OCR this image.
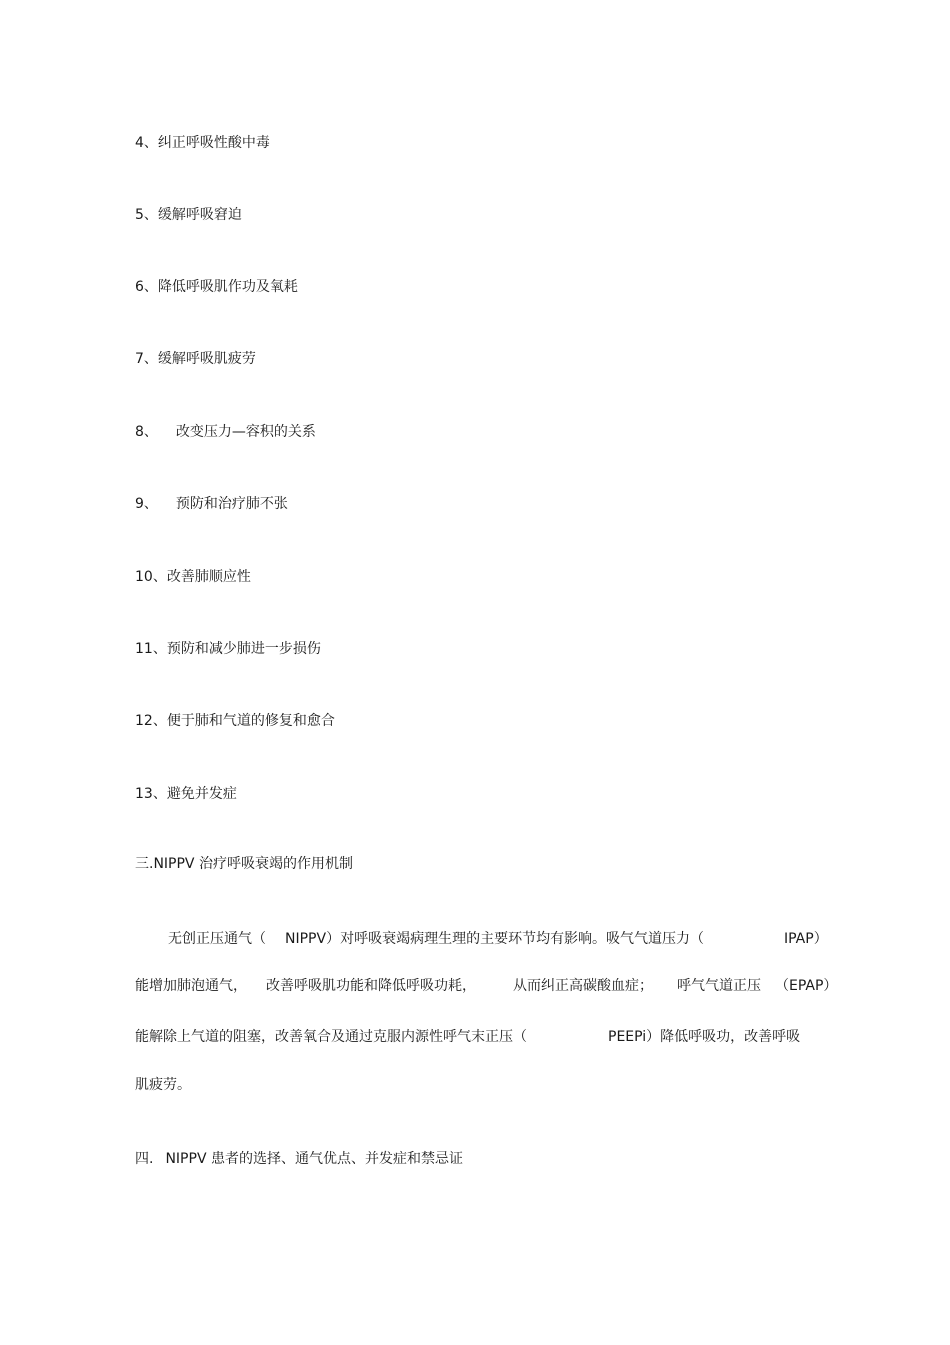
4、纠正呼吸性酸中毒
5、缓解呼吸窘迫
6、降低呼吸肌作功及氧耗
7、缓解呼吸肌疲劳
8、 改变压力—容积的关系
9、 预防和治疗肺不张
10、改善肺顺应性
11、预防和减少肺进一步损伤
12、便于肺和气道的修复和愈合
13、避免并发症
三.NIPPV 治疗呼吸衰竭的作用机制
无创正压通气（ NIPPV）对呼吸衰竭病理生理的主要环节均有影响。吸气气道压力（	IPAP）
能增加肺泡通气， 改善呼吸肌功能和降低呼吸功耗，	从而纠正高碳酸血症； 呼气气道正压 （EPAP）
能解除上气道的阻塞，改善氧合及通过克服内源性呼气末正压（	PEEPi）降低呼吸功，改善呼吸
肌疲劳。
四. NIPPV 患者的选择、通气优点、并发症和禁忌证
